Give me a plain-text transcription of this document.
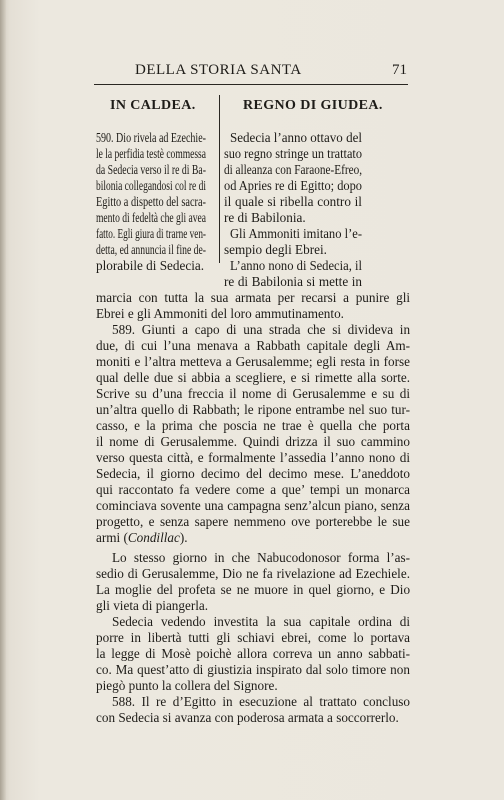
DELLA STORIA SANTA	71
IN CALDEA.	REGNO DI GIUDEA.
590. Dio rivela ad Ezechie-
le la perfidia testè commessa
da Sedecia verso il re di Ba-
bilonia collegandosi col re di
Egitto a dispetto del sacra-
mento di fedeltà che gli avea
fatto. Egli giura di trarne ven-
detta, ed annuncia il fine de-
plorabile di Sedecia.
Sedecia l’anno ottavo del
suo regno stringe un trattato
di alleanza con Faraone-Efreo,
od Apries re di Egitto; dopo
il quale si ribella contro il
re di Babilonia.
Gli Ammoniti imitano l’e-
sempio degli Ebrei.
L’anno nono di Sedecia, il
re di Babilonia si mette in
marcia con tutta la sua armata per recarsi a punire gli
Ebrei e gli Ammoniti del loro ammutinamento.
589. Giunti a capo di una strada che si divideva in
due, di cui l’una menava a Rabbath capitale degli Am-
moniti e l’altra metteva a Gerusalemme; egli resta in forse
qual delle due si abbia a scegliere, e si rimette alla sorte.
Scrive su d’una freccia il nome di Gerusalemme e su di
un’altra quello di Rabbath; le ripone entrambe nel suo tur-
casso, e la prima che poscia ne trae è quella che porta
il nome di Gerusalemme. Quindi drizza il suo cammino
verso questa città, e formalmente l’assedia l’anno nono di
Sedecia, il giorno decimo del decimo mese. L’aneddoto
qui raccontato fa vedere come a que’ tempi un monarca
cominciava sovente una campagna senz’alcun piano, senza
progetto, e senza sapere nemmeno ove porterebbe le sue
armi (Condillac).
Lo stesso giorno in che Nabucodonosor forma l’as-
sedio di Gerusalemme, Dio ne fa rivelazione ad Ezechiele.
La moglie del profeta se ne muore in quel giorno, e Dio
gli vieta di piangerla.
Sedecia vedendo investita la sua capitale ordina di
porre in libertà tutti gli schiavi ebrei, come lo portava
la legge di Mosè poichè allora correva un anno sabbati-
co. Ma quest’atto di giustizia inspirato dal solo timore non
piegò punto la collera del Signore.
588. Il re d’Egitto in esecuzione al trattato concluso
con Sedecia si avanza con poderosa armata a soccorrerlo.
